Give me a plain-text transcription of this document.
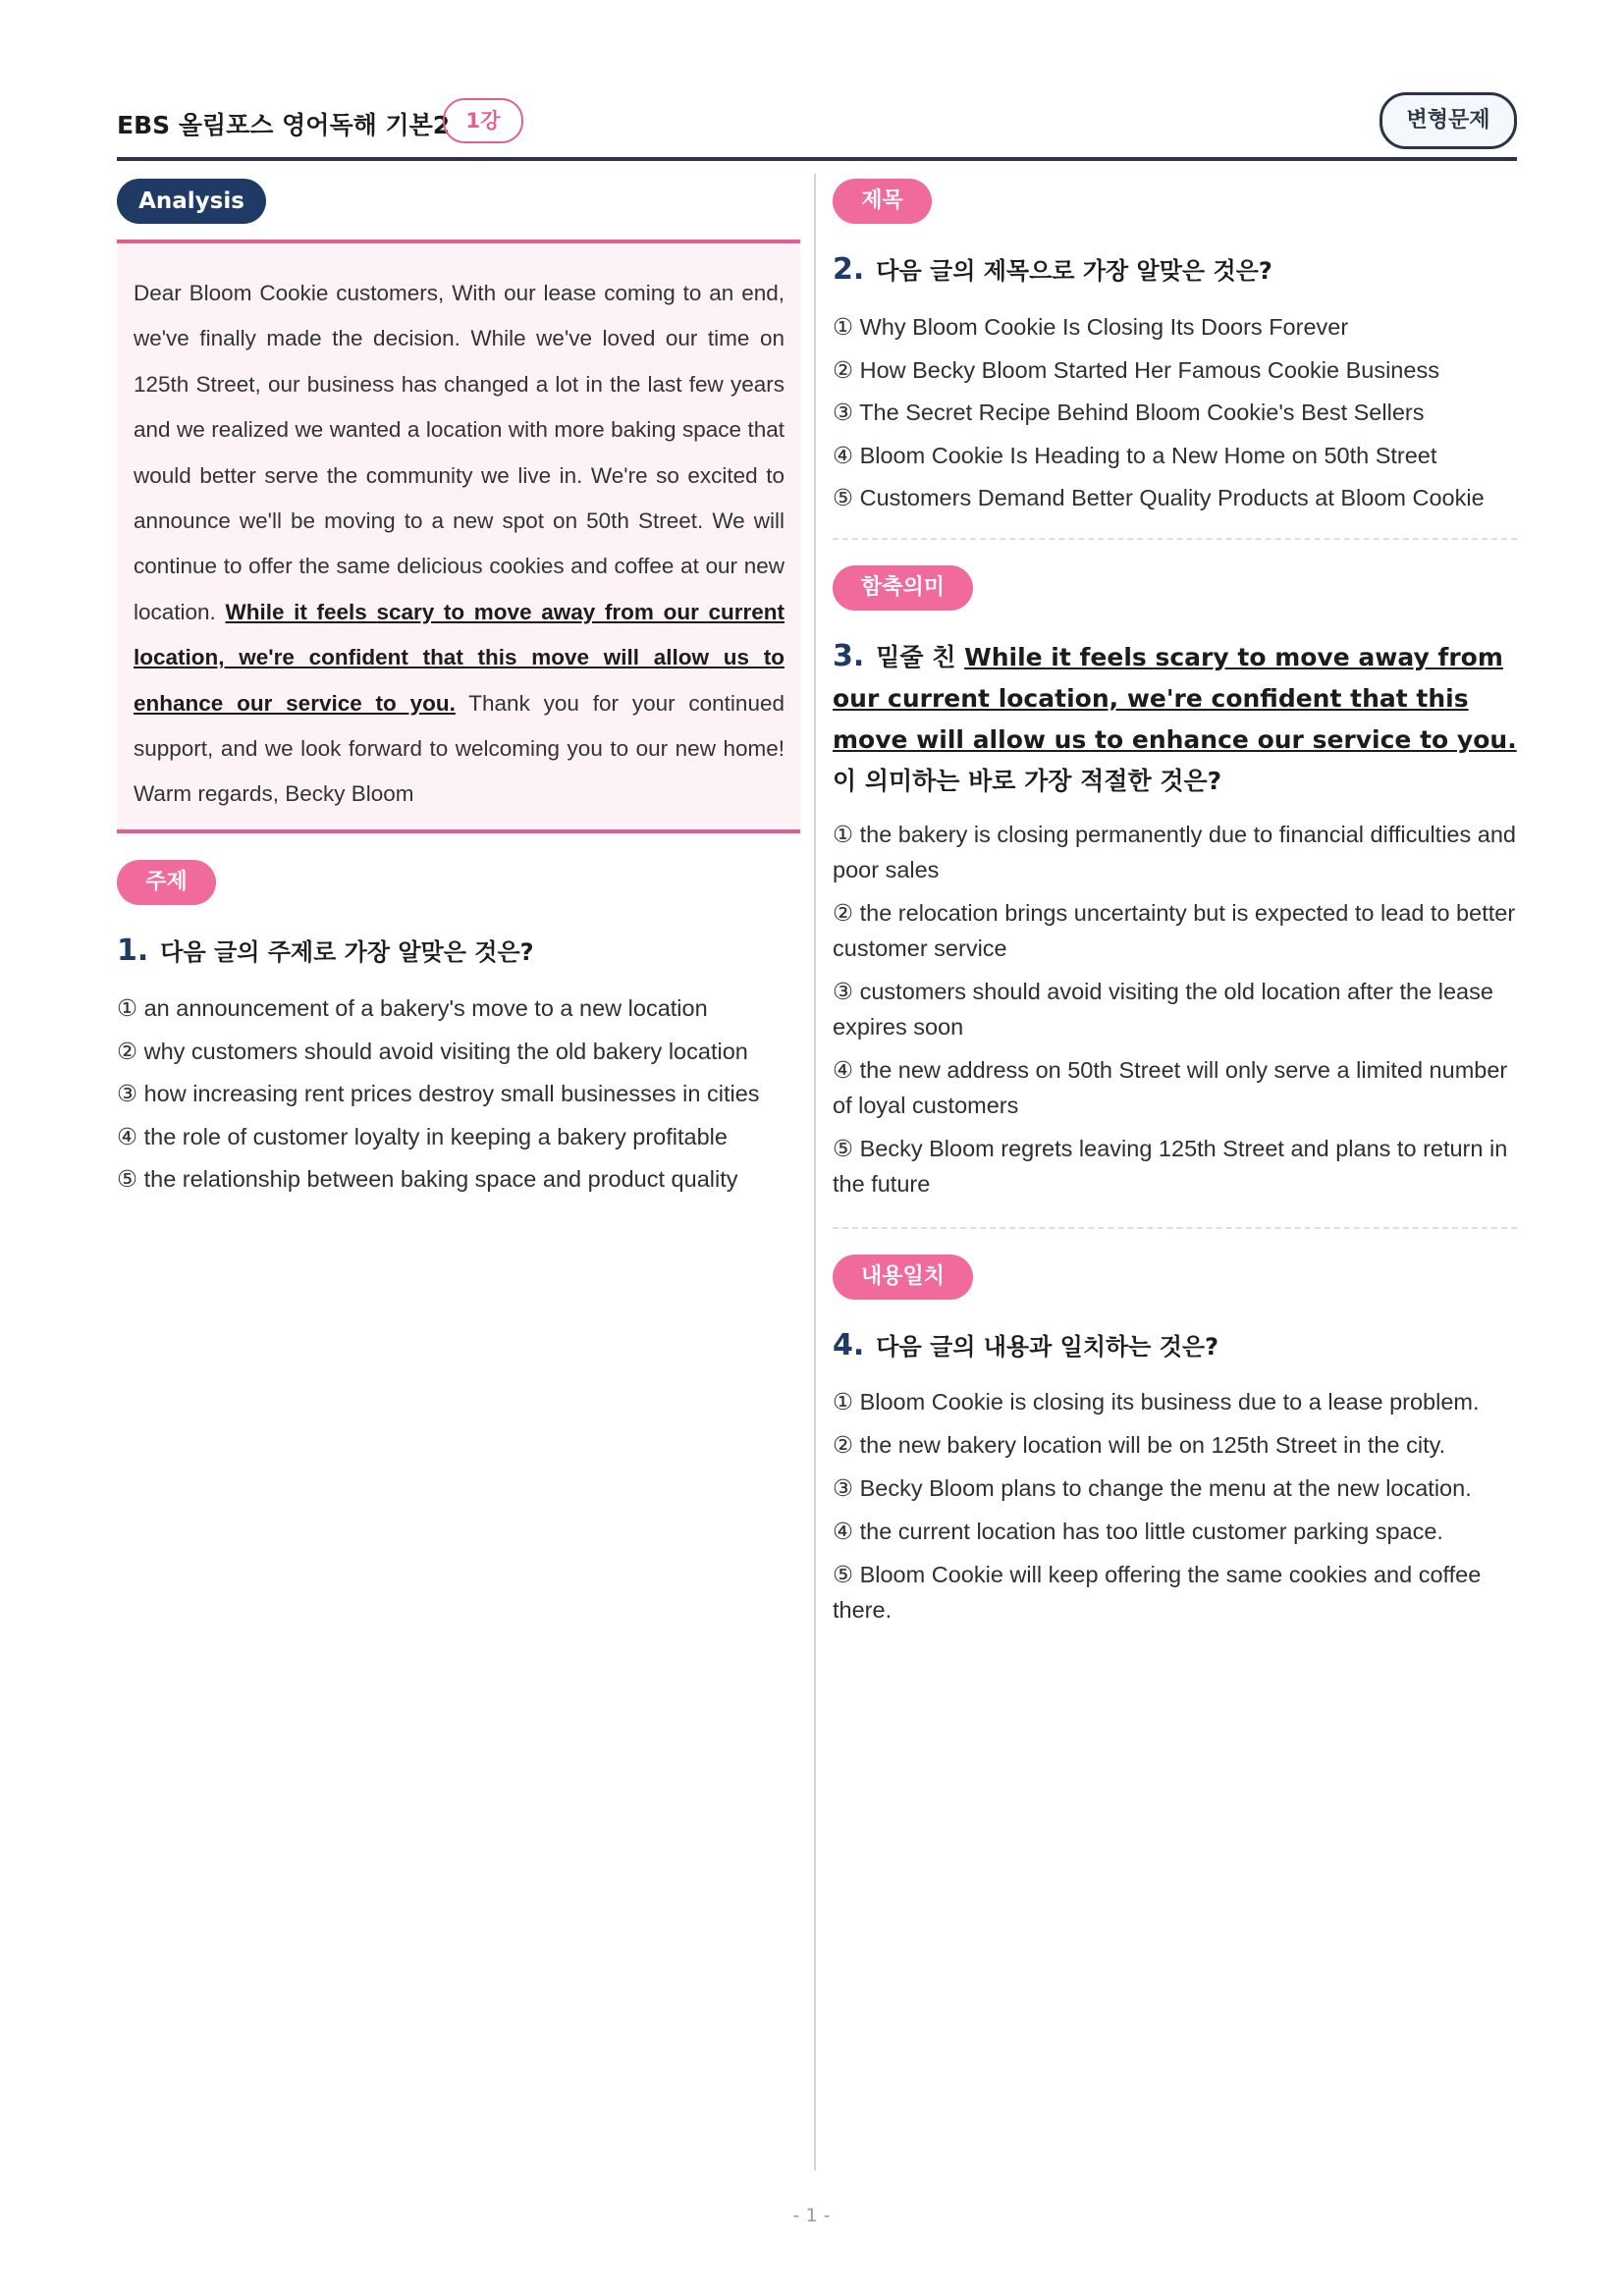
EBS 올림포스 영어독해 기본2 1강	변형문제
Analysis
Dear Bloom Cookie customers, With our lease coming to an end, we've finally made the decision. While we've loved our time on 125th Street, our business has changed a lot in the last few years and we realized we wanted a location with more baking space that would better serve the community we live in. We're so excited to announce we'll be moving to a new spot on 50th Street. We will continue to offer the same delicious cookies and coffee at our new location. While it feels scary to move away from our current location, we're confident that this move will allow us to enhance our service to you. Thank you for your continued support, and we look forward to welcoming you to our new home! Warm regards, Becky Bloom
주제
1. 다음 글의 주제로 가장 알맞은 것은?
① an announcement of a bakery's move to a new location
② why customers should avoid visiting the old bakery location
③ how increasing rent prices destroy small businesses in cities
④ the role of customer loyalty in keeping a bakery profitable
⑤ the relationship between baking space and product quality
제목
2. 다음 글의 제목으로 가장 알맞은 것은?
① Why Bloom Cookie Is Closing Its Doors Forever
② How Becky Bloom Started Her Famous Cookie Business
③ The Secret Recipe Behind Bloom Cookie's Best Sellers
④ Bloom Cookie Is Heading to a New Home on 50th Street
⑤ Customers Demand Better Quality Products at Bloom Cookie
함축의미
3. 밑줄 친 While it feels scary to move away from our current location, we're confident that this move will allow us to enhance our service to you.이 의미하는 바로 가장 적절한 것은?
① the bakery is closing permanently due to financial difficulties and poor sales
② the relocation brings uncertainty but is expected to lead to better customer service
③ customers should avoid visiting the old location after the lease expires soon
④ the new address on 50th Street will only serve a limited number of loyal customers
⑤ Becky Bloom regrets leaving 125th Street and plans to return in the future
내용일치
4. 다음 글의 내용과 일치하는 것은?
① Bloom Cookie is closing its business due to a lease problem.
② the new bakery location will be on 125th Street in the city.
③ Becky Bloom plans to change the menu at the new location.
④ the current location has too little customer parking space.
⑤ Bloom Cookie will keep offering the same cookies and coffee there.
- 1 -
